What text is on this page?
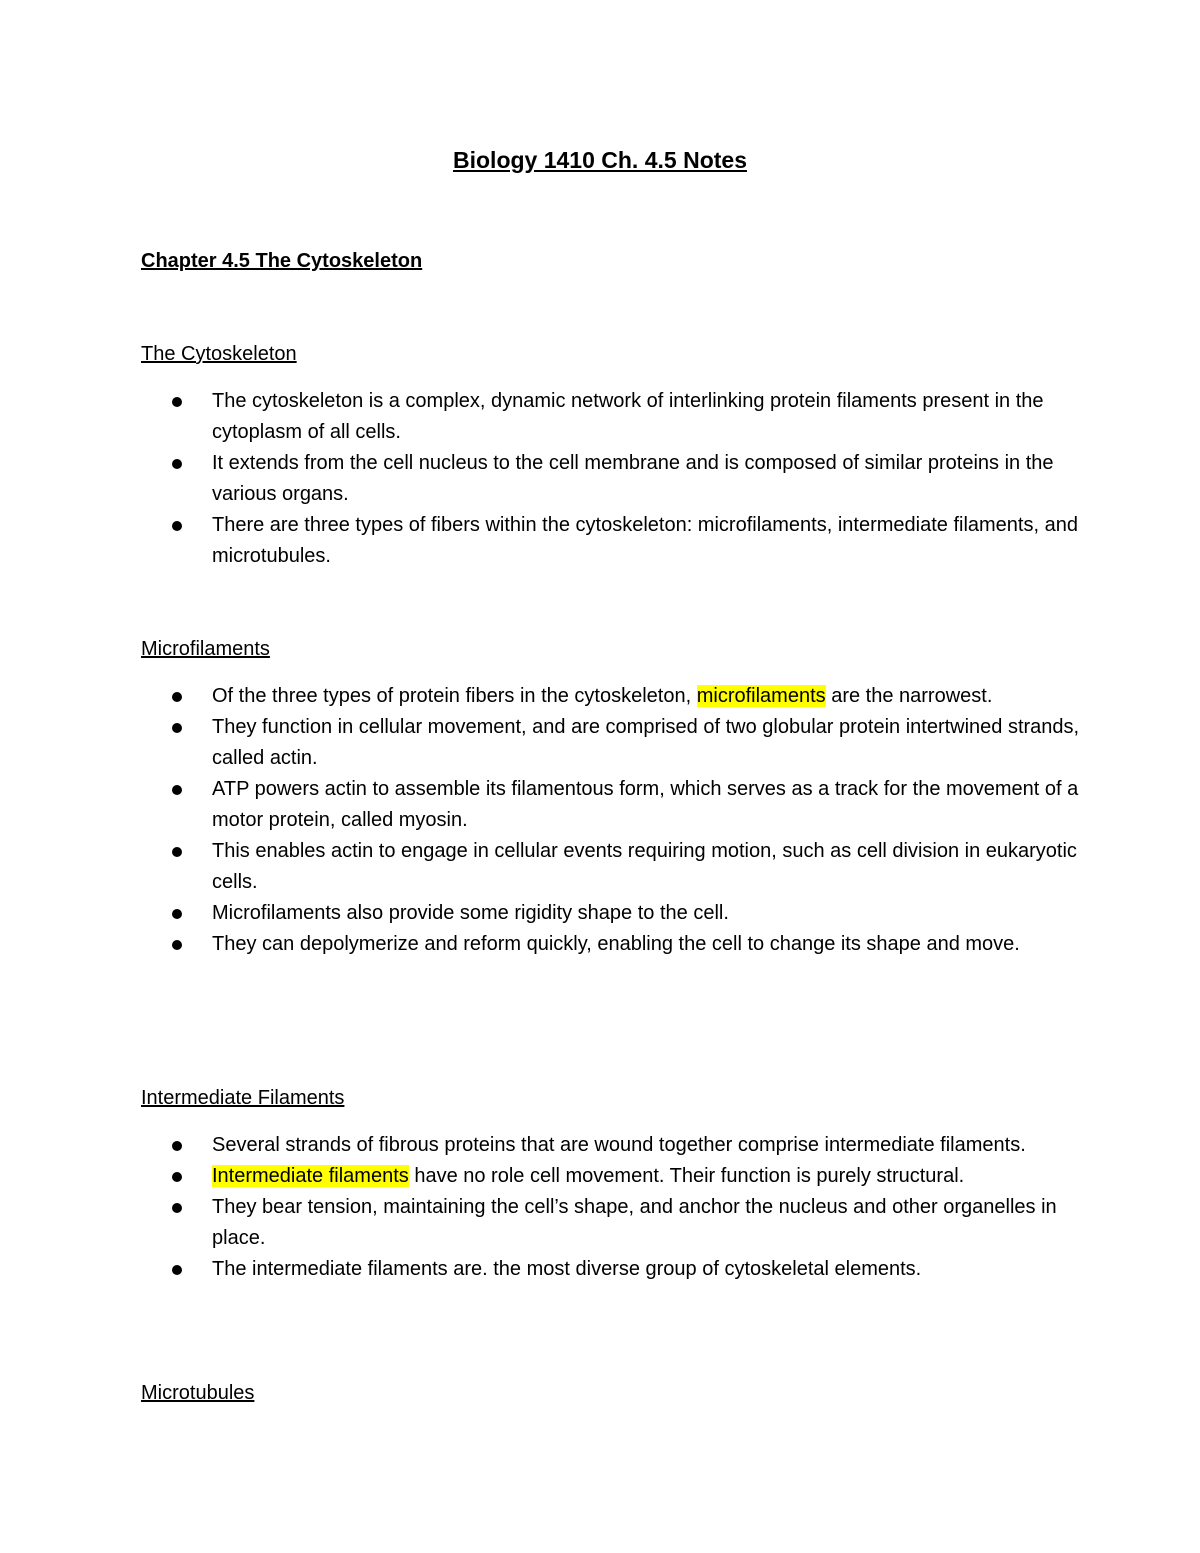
Biology 1410 Ch. 4.5 Notes
Chapter 4.5 The Cytoskeleton
The Cytoskeleton
The cytoskeleton is a complex, dynamic network of interlinking protein filaments present in the cytoplasm of all cells.
It extends from the cell nucleus to the cell membrane and is composed of similar proteins in the various organs.
There are three types of fibers within the cytoskeleton: microfilaments, intermediate filaments, and microtubules.
Microfilaments
Of the three types of protein fibers in the cytoskeleton, microfilaments are the narrowest.
They function in cellular movement, and are comprised of two globular protein intertwined strands, called actin.
ATP powers actin to assemble its filamentous form, which serves as a track for the movement of a motor protein, called myosin.
This enables actin to engage in cellular events requiring motion, such as cell division in eukaryotic cells.
Microfilaments also provide some rigidity shape to the cell.
They can depolymerize and reform quickly, enabling the cell to change its shape and move.
Intermediate Filaments
Several strands of fibrous proteins that are wound together comprise intermediate filaments.
Intermediate filaments have no role cell movement. Their function is purely structural.
They bear tension, maintaining the cell’s shape, and anchor the nucleus and other organelles in place.
The intermediate filaments are. the most diverse group of cytoskeletal elements.
Microtubules
